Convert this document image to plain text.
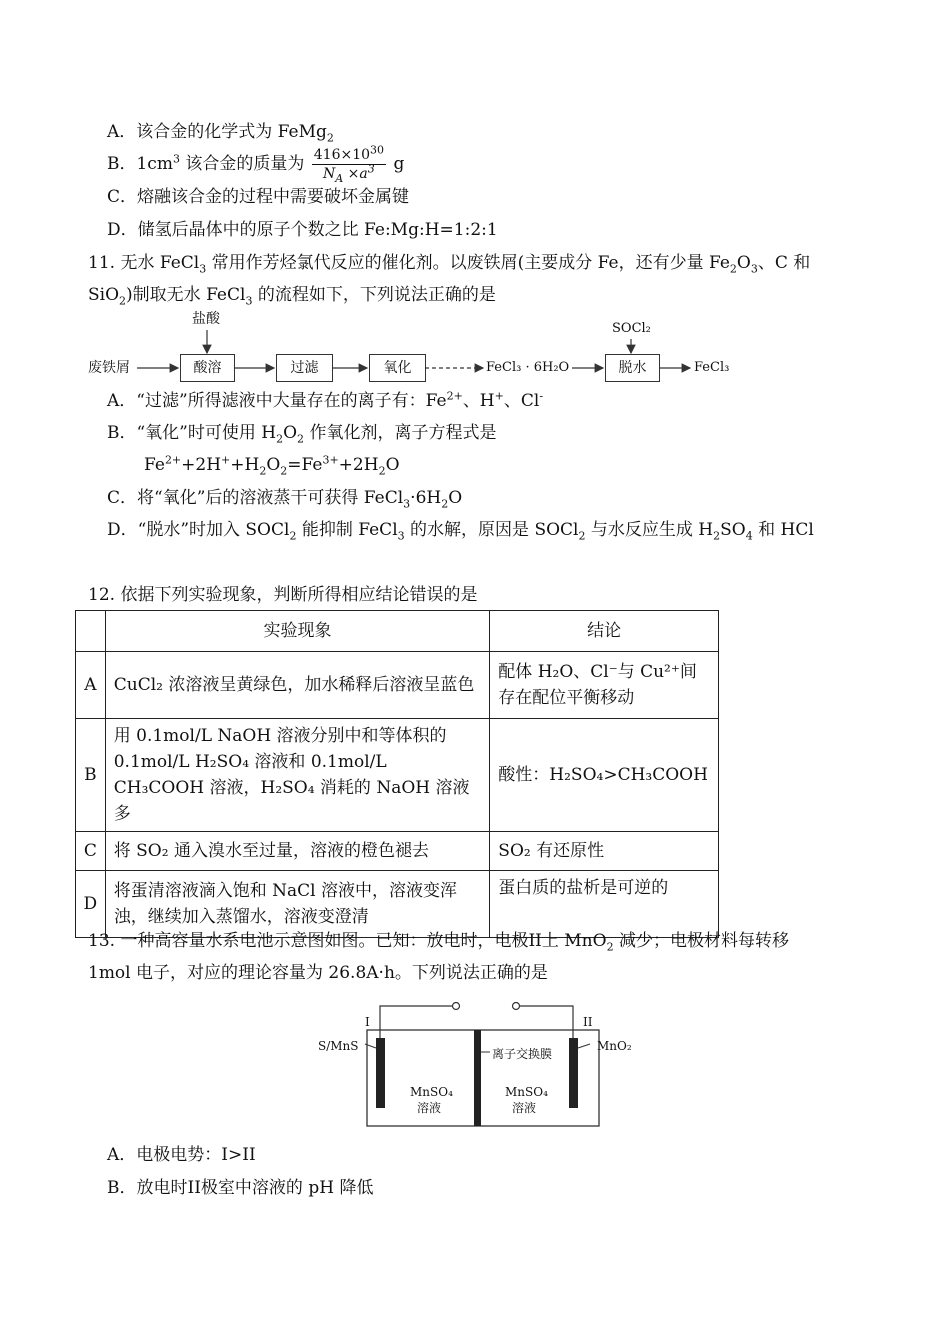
A．该合金的化学式为 FeMg$_2$
B．$1cm^3$ 该合金的质量为 $\frac{416\times 10^{30}}{N_A \times a^3}$ g
C．熔融该合金的过程中需要破坏金属键
D．储氢后晶体中的原子个数之比 Fe:Mg:H=1:2:1
11. 无水 FeCl$_3$ 常用作芳烃氯代反应的催化剂。以废铁屑(主要成分 Fe，还有少量 $Fe_2O_3$、C 和
SiO$_2$)制取无水 FeCl$_3$ 的流程如下，下列说法正确的是
废铁屑
盐酸
酸溶	过滤	氧化	FeCl₃ · 6H₂O
SOCl₂
脱水	FeCl₃
A．“过滤”所得滤液中大量存在的离子有：$Fe^{2+}$、H+、Cl-
B．“氧化”时可使用 $H_2O_2$ 作氧化剂，离子方程式是
$Fe^{2+}+2H^++H_2O_2=Fe^{3+}+2H_2O$
C．将“氧化”后的溶液蒸干可获得 $FeCl_3\cdot 6H_2O$
D．“脱水”时加入 SOCl$_2$ 能抑制 FeCl$_3$ 的水解，原因是 SOCl$_2$ 与水反应生成 $H_2SO_4$ 和 HCl
12. 依据下列实验现象，判断所得相应结论错误的是
	实验现象	结论
A	CuCl₂ 浓溶液呈黄绿色，加水稀释后溶液呈蓝色	配体 H₂O、Cl⁻与 Cu²⁺间存在配位平衡移动
B	用 0.1mol/L NaOH 溶液分别中和等体积的 0.1mol/L H₂SO₄ 溶液和 0.1mol/L CH₃COOH 溶液，H₂SO₄ 消耗的 NaOH 溶液多	酸性：H₂SO₄>CH₃COOH
C	将 SO₂ 通入溴水至过量，溶液的橙色褪去	SO₂ 有还原性
D	将蛋清溶液滴入饱和 NaCl 溶液中，溶液变浑浊，继续加入蒸馏水，溶液变澄清	蛋白质的盐析是可逆的
13. 一种高容量水系电池示意图如图。已知：放电时，电极II上 MnO$_2$ 减少；电极材料每转移
1mol 电子，对应的理论容量为 26.8A·h。下列说法正确的是
I	II
S/MnS	MnO₂
离子交换膜
MnSO₄
溶液
MnSO₄
溶液
A．电极电势：I>II
B．放电时II极室中溶液的 pH 降低
